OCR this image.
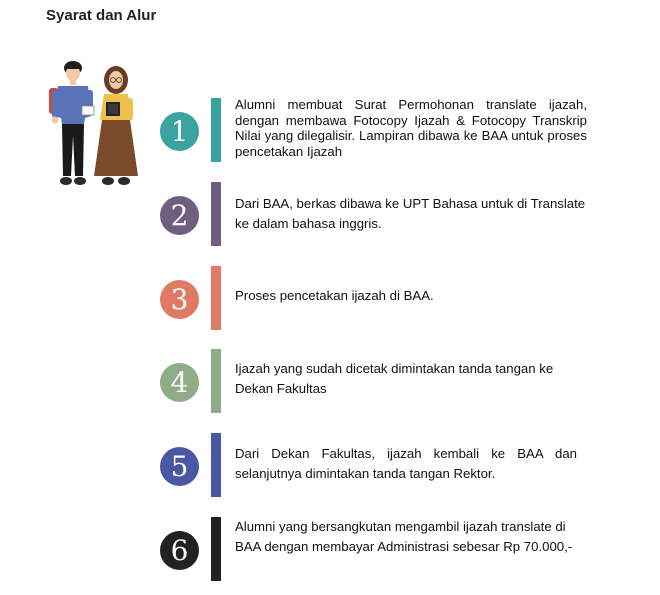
Syarat dan Alur
1

Alumni membuat Surat Permohonan translate ijazah, dengan membawa Fotocopy Ijazah & Fotocopy Transkrip Nilai yang dilegalisir. Lampiran dibawa ke BAA untuk proses pencetakan Ijazah

2	Dari BAA, berkas dibawa ke UPT Bahasa untuk di Translate ke dalam bahasa inggris.

3	Proses pencetakan ijazah di BAA.

4	Ijazah yang sudah dicetak dimintakan tanda tangan ke Dekan Fakultas

5	Dari Dekan Fakultas, ijazah kembali ke BAA dan selanjutnya dimintakan tanda tangan Rektor.

6

Alumni yang bersangkutan mengambil ijazah translate di BAA dengan membayar Administrasi sebesar Rp 70.000,-
